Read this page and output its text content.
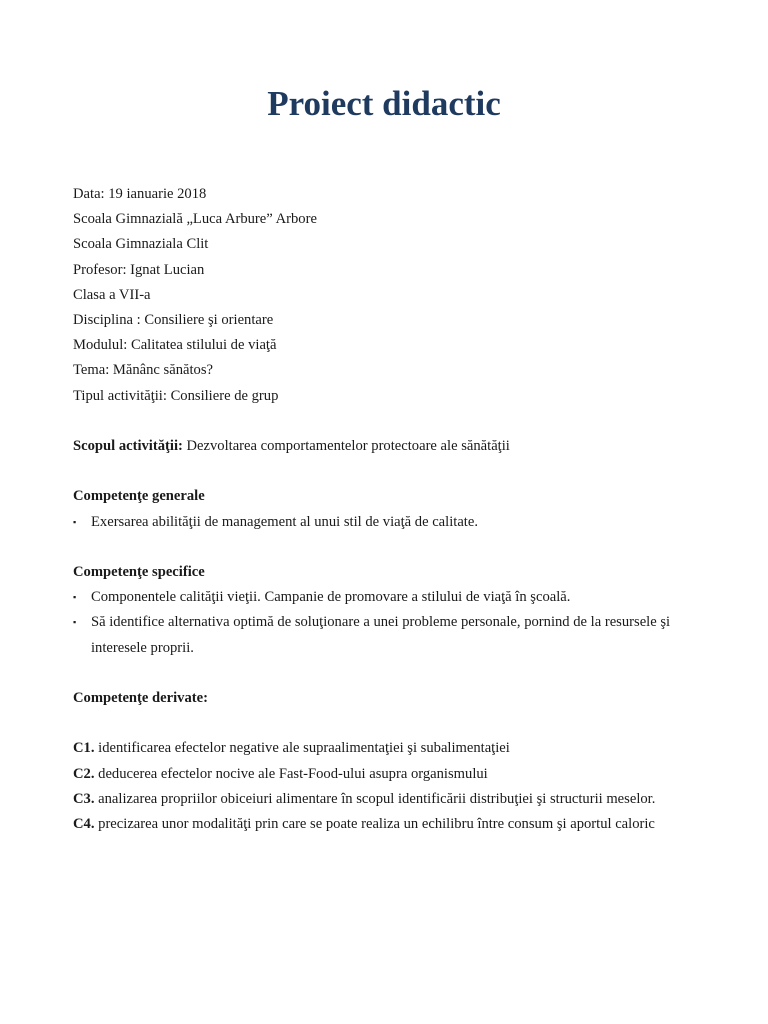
Proiect didactic
Data: 19 ianuarie 2018
Scoala Gimnazială „Luca Arbure” Arbore
Scoala Gimnaziala Clit
Profesor: Ignat Lucian
Clasa a VII-a
Disciplina : Consiliere şi orientare
Modulul: Calitatea stilului de viaţă
Tema: Mănânc sănătos?
Tipul activităţii: Consiliere de grup
Scopul activităţii: Dezvoltarea comportamentelor protectoare ale sănătăţii
Competenţe generale
▪ Exersarea abilităţii de management al unui stil de viaţă de calitate.
Competenţe specifice
▪ Componentele calităţii vieţii. Campanie de promovare a stilului de viaţă în şcoală.
▪ Să identifice alternativa optimă de soluţionare a unei probleme personale, pornind de la resursele şi interesele proprii.
Competenţe derivate:
C1. identificarea efectelor negative ale supraalimentaţiei şi subalimentaţiei
C2. deducerea efectelor nocive ale Fast-Food-ului asupra organismului
C3. analizarea propriilor obiceiuri alimentare în scopul identificării distribuţiei şi structurii meselor.
C4. precizarea unor modalităţi prin care se poate realiza un echilibru între consum şi aportul caloric
